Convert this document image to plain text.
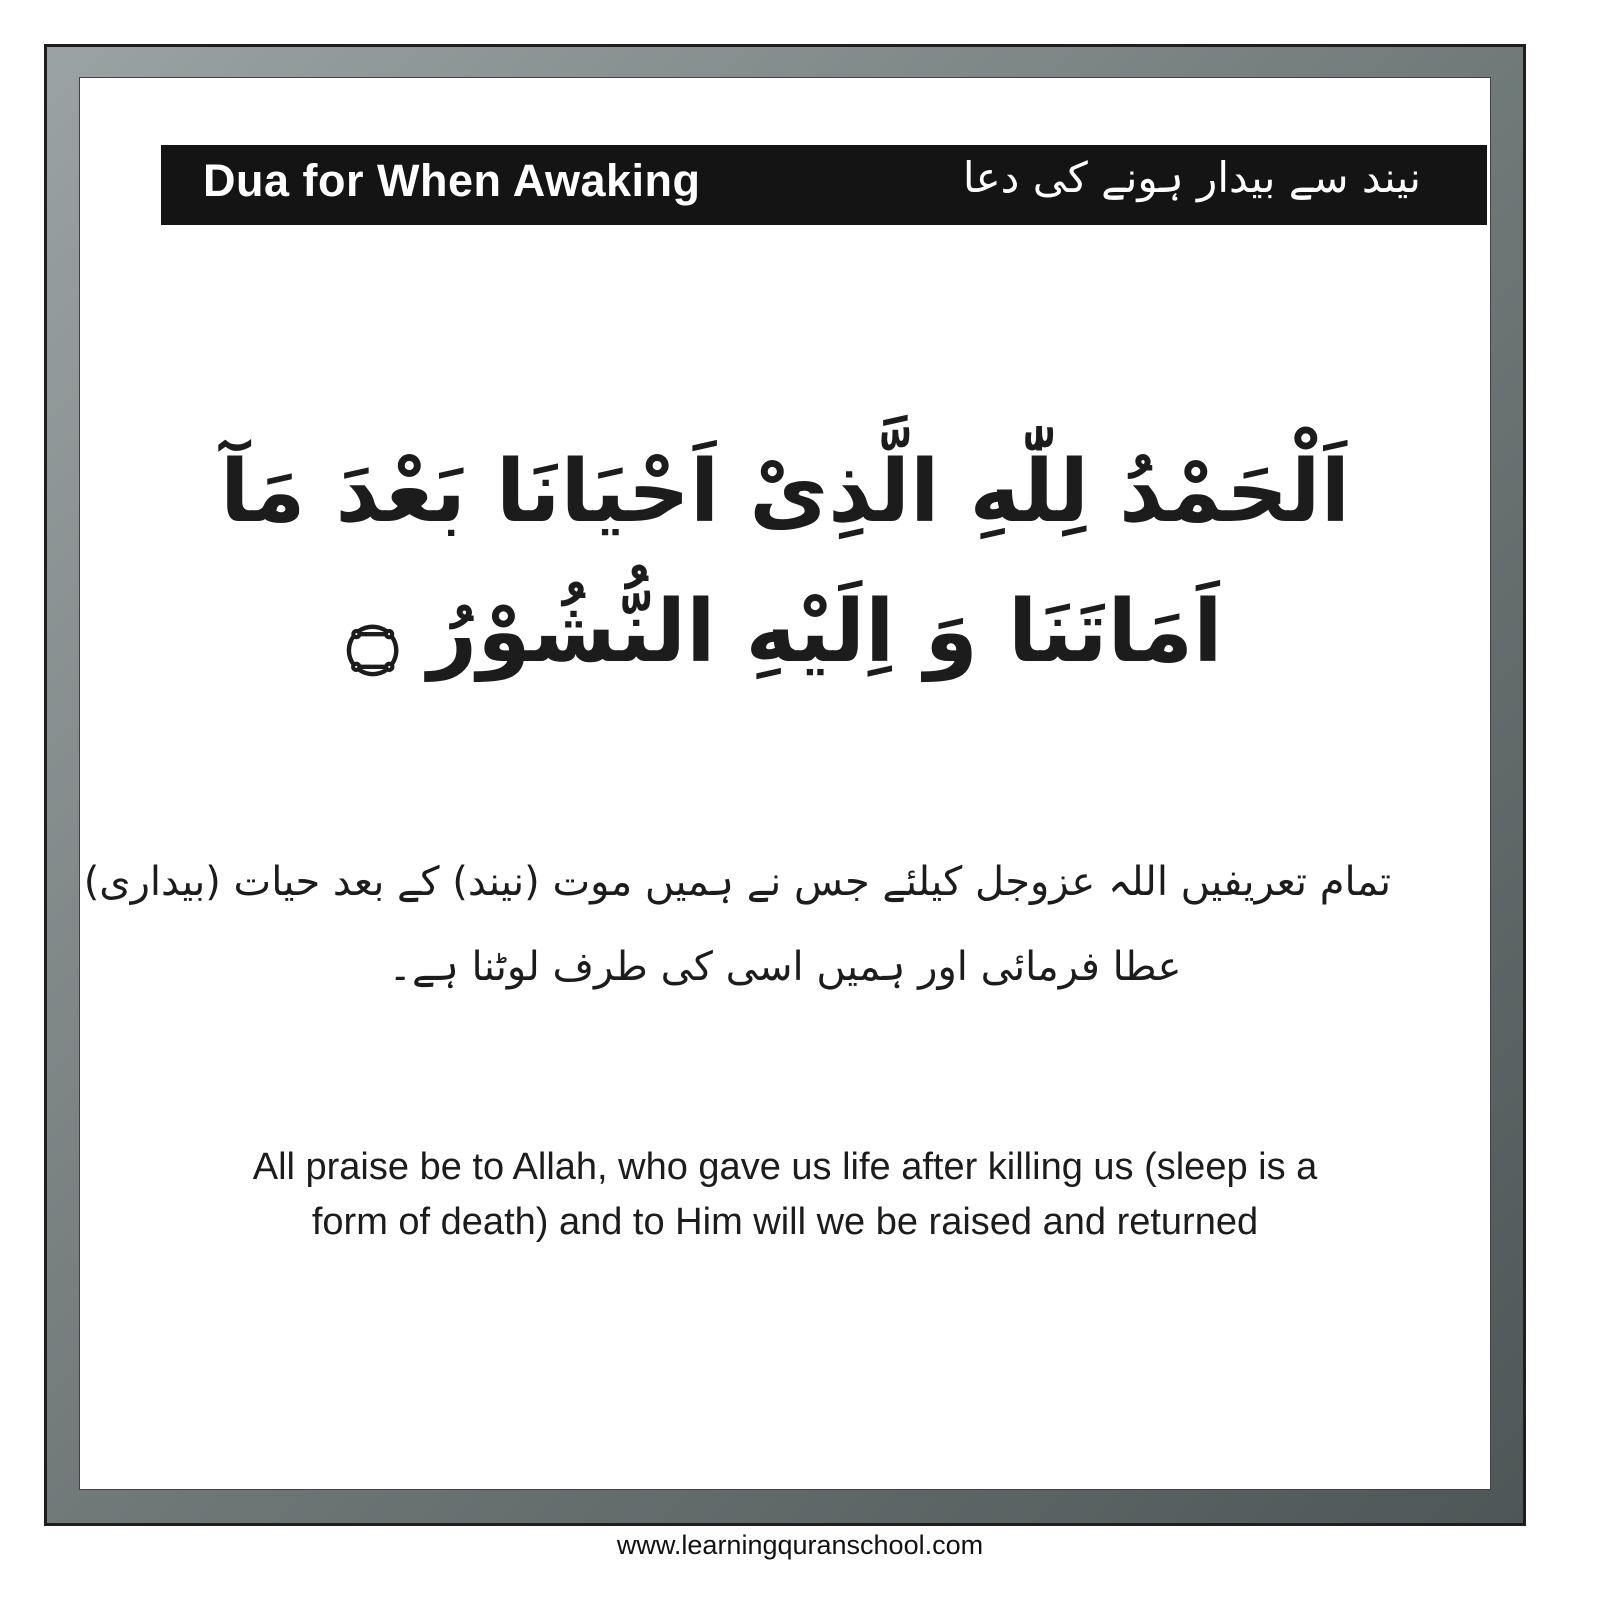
Dua for When Awaking	نیند سے بیدار ہونے کی دعا
اَلْحَمْدُ لِلّٰهِ الَّذِىْ اَحْيَانَا بَعْدَ مَآ
اَمَاتَنَا وَ اِلَيْهِ النُّشُوْرُ ۝
تمام تعریفیں اللہ عزوجل کیلئے جس نے ہمیں موت (نیند) کے بعد حیات (بیداری)
عطا فرمائی اور ہمیں اسی کی طرف لوٹنا ہے۔
All praise be to Allah, who gave us life after killing us (sleep is a
form of death) and to Him will we be raised and returned
www.learningquranschool.com
